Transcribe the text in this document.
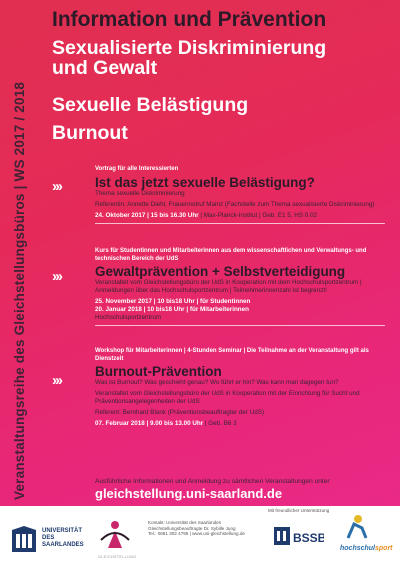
Veranstaltungsreihe des Gleichstellungsbüros | WS 2017 / 2018
Information und Prävention
Sexualisierte Diskriminierung
und Gewalt
Sexuelle Belästigung
Burnout
›››
Vortrag für alle Interessierten
Ist das jetzt sexuelle Belästigung?
Thema sexuelle Diskriminierung
Referentin: Annette Diehl, Frauennotruf Mainz (Fachstelle zum Thema sexualisierte Diskriminierung)
24. Oktober 2017 | 15 bis 16.30 Uhr | Max-Planck-Institut | Geb. E1 5, HS 0.02
›››
Kurs für Studentinnen und Mitarbeiterinnen aus dem wissenschaftlichen und Verwaltungs- und technischen Bereich der UdS
Gewaltprävention + Selbstverteidigung
Veranstaltet vom Gleichstellungsbüro der UdS in Kooperation mit dem Hochschulsportzentrum | Anmeldungen über das Hochschulsportzentrum | Teilnehmerinnenzahl ist begrenzt!
25. November 2017 | 10 bis18 Uhr | für Studentinnen
20. Januar 2018 | 10 bis18 Uhr | für Mitarbeiterinnen
Hochschulsportzentrum
›››
Workshop für Mitarbeiterinnen | 4-Stunden Seminar | Die Teilnahme an der Veranstaltung gilt als Dienstzeit
Burnout-Prävention
Was ist Burnout? Was geschieht genau? Wo führt er hin? Was kann man dagegen tun?
Veranstaltet vom Gleichstellungsbüro der UdS in Kooperation mit der Einrichtung für Sucht und Präventionsangelegenheiten der UdS
Referent: Bernhard Blank (Präventionsbeauftragter der UdS)
07. Februar 2018 | 9.00 bis 13.00 Uhr | Geb. B6 3
Ausführliche Informationen und Anmeldung zu sämtlichen Veranstaltungen unter
gleichstellung.uni-saarland.de
UNIVERSITÄT
DES
SAARLANDES
GLEICHSTELLUNG
Kontakt: Universität des Saarlandes
Gleichstellungsbeauftragte Dr. Sybille Jung
Tel.: 0681 302 4795 | www.uni-gleichstellung.de
Mit freundlicher Unterstützung
BSSB
hochschulsport
